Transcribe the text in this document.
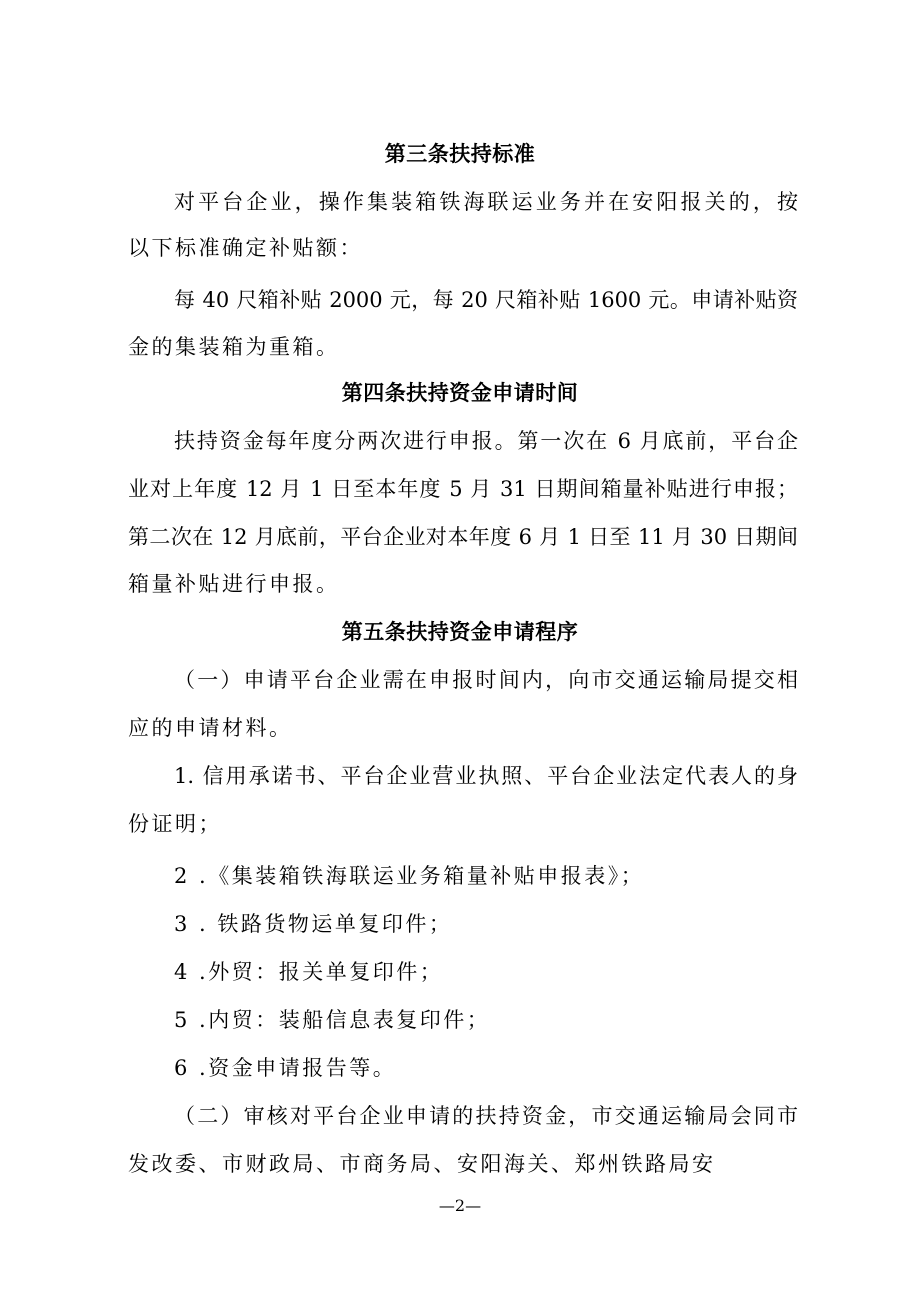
第三条扶持标准
对平台企业，操作集装箱铁海联运业务并在安阳报关的，按
以下标准确定补贴额：
每 40 尺箱补贴 2000 元，每 20 尺箱补贴 1600 元。申请补贴资
金的集装箱为重箱。
第四条扶持资金申请时间
扶持资金每年度分两次进行申报。第一次在 6 月底前，平台企
业对上年度 12 月 1 日至本年度 5 月 31 日期间箱量补贴进行申报；
第二次在 12 月底前，平台企业对本年度 6 月 1 日至 11 月 30 日期间
箱量补贴进行申报。
第五条扶持资金申请程序
（一）申请平台企业需在申报时间内，向市交通运输局提交相
应的申请材料。
1. 信用承诺书、平台企业营业执照、平台企业法定代表人的身
份证明；
2 .《集装箱铁海联运业务箱量补贴申报表》；
3 . 铁路货物运单复印件；
4 .外贸：报关单复印件；
5 .内贸：装船信息表复印件；
6 .资金申请报告等。
（二）审核对平台企业申请的扶持资金，市交通运输局会同市
发改委、市财政局、市商务局、安阳海关、郑州铁路局安
—2—
